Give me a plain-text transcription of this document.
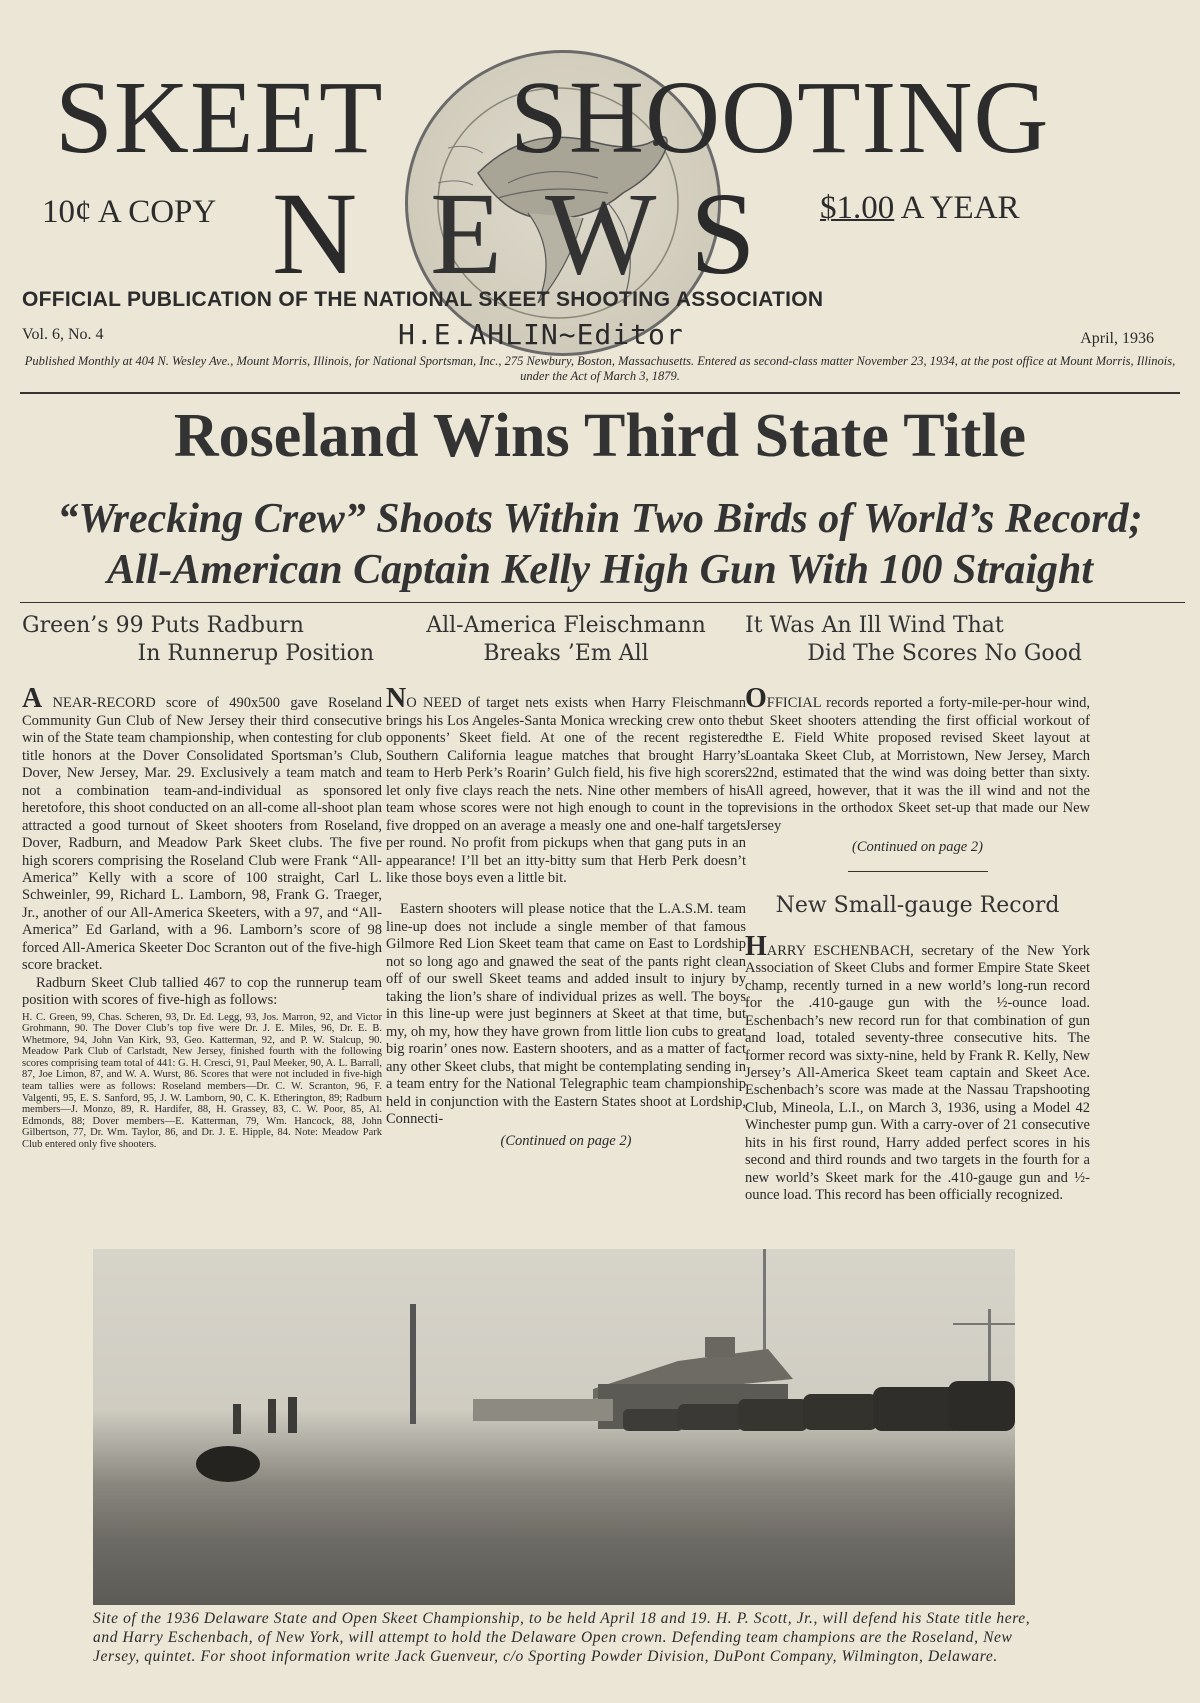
SKEET SHOOTING
10¢ A COPY N E W S $1.00 A YEAR
OFFICIAL PUBLICATION OF THE NATIONAL SKEET SHOOTING ASSOCIATION
Vol. 6, No. 4	H.E.AHLIN~Editor	April, 1936
Published Monthly at 404 N. Wesley Ave., Mount Morris, Illinois, for National Sportsman, Inc., 275 Newbury, Boston, Massachusetts. Entered as second-class matter November 23, 1934, at the post office at Mount Morris, Illinois, under the Act of March 3, 1879.
Roseland Wins Third State Title
“Wrecking Crew” Shoots Within Two Birds of World’s Record;
All-American Captain Kelly High Gun With 100 Straight
Green’s 99 Puts Radburn
In Runnerup Position

A NEAR-RECORD score of 490x500 gave Roseland Community Gun Club of New Jersey their third consecutive win of the State team championship, when contesting for club title honors at the Dover Consolidated Sportsman’s Club, Dover, New Jersey, Mar. 29. Exclusively a team match and not a combination team-and-individual as sponsored heretofore, this shoot conducted on an all-come all-shoot plan attracted a good turnout of Skeet shooters from Roseland, Dover, Radburn, and Meadow Park Skeet clubs. The five high scorers comprising the Roseland Club were Frank “All-America” Kelly with a score of 100 straight, Carl L. Schweinler, 99, Richard L. Lamborn, 98, Frank G. Traeger, Jr., another of our All-America Skeeters, with a 97, and “All-America” Ed Garland, with a 96. Lamborn’s score of 98 forced All-America Skeeter Doc Scranton out of the five-high score bracket.

Radburn Skeet Club tallied 467 to cop the runnerup team position with scores of five-high as follows:

H. C. Green, 99, Chas. Scheren, 93, Dr. Ed. Legg, 93, Jos. Marron, 92, and Victor Grohmann, 90. The Dover Club’s top five were Dr. J. E. Miles, 96, Dr. E. B. Whetmore, 94, John Van Kirk, 93, Geo. Katterman, 92, and P. W. Stalcup, 90. Meadow Park Club of Carlstadt, New Jersey, finished fourth with the following scores comprising team total of 441: G. H. Cresci, 91, Paul Meeker, 90, A. L. Barrall, 87, Joe Limon, 87, and W. A. Wurst, 86. Scores that were not included in five-high team tallies were as follows: Roseland members—Dr. C. W. Scranton, 96, F. Valgenti, 95, E. S. Sanford, 95, J. W. Lamborn, 90, C. K. Etherington, 89; Radburn members—J. Monzo, 89, R. Hardifer, 88, H. Grassey, 83, C. W. Poor, 85, Al. Edmonds, 88; Dover members—E. Katterman, 79, Wm. Hancock, 88, John Gilbertson, 77, Dr. Wm. Taylor, 86, and Dr. J. E. Hipple, 84. Note: Meadow Park Club entered only five shooters.
All-America Fleischmann
Breaks ’Em All

NO NEED of target nets exists when Harry Fleischmann brings his Los Angeles-Santa Monica wrecking crew onto the opponents’ Skeet field. At one of the recent registered Southern California league matches that brought Harry’s team to Herb Perk’s Roarin’ Gulch field, his five high scorers let only five clays reach the nets. Nine other members of his team whose scores were not high enough to count in the top five dropped on an average a measly one and one-half targets per round. No profit from pickups when that gang puts in an appearance! I’ll bet an itty-bitty sum that Herb Perk doesn’t like those boys even a little bit.

Eastern shooters will please notice that the L.A.S.M. team line-up does not include a single member of that famous Gilmore Red Lion Skeet team that came on East to Lordship not so long ago and gnawed the seat of the pants right clean off of our swell Skeet teams and added insult to injury by taking the lion’s share of individual prizes as well. The boys in this line-up were just beginners at Skeet at that time, but my, oh my, how they have grown from little lion cubs to great big roarin’ ones now. Eastern shooters, and as a matter of fact any other Skeet clubs, that might be contemplating sending in a team entry for the National Telegraphic team championship held in conjunction with the Eastern States shoot at Lordship, Connecti-

(Continued on page 2)
It Was An Ill Wind That
Did The Scores No Good

OFFICIAL records reported a forty-mile-per-hour wind, but Skeet shooters attending the first official workout of the E. Field White proposed revised Skeet layout at Loantaka Skeet Club, at Morristown, New Jersey, March 22nd, estimated that the wind was doing better than sixty. All agreed, however, that it was the ill wind and not the revisions in the orthodox Skeet set-up that made our New Jersey

(Continued on page 2)
New Small-gauge Record

HARRY ESCHENBACH, secretary of the New York Association of Skeet Clubs and former Empire State Skeet champ, recently turned in a new world’s long-run record for the .410-gauge gun with the ½-ounce load. Eschenbach’s new record run for that combination of gun and load, totaled seventy-three consecutive hits. The former record was sixty-nine, held by Frank R. Kelly, New Jersey’s All-America Skeet team captain and Skeet Ace. Eschenbach’s score was made at the Nassau Trapshooting Club, Mineola, L.I., on March 3, 1936, using a Model 42 Winchester pump gun. With a carry-over of 21 consecutive hits in his first round, Harry added perfect scores in his second and third rounds and two targets in the fourth for a new world’s Skeet mark for the .410-gauge gun and ½-ounce load. This record has been officially recognized.

Site of the 1936 Delaware State and Open Skeet Championship, to be held April 18 and 19. H. P. Scott, Jr., will defend his State title here, and Harry Eschenbach, of New York, will attempt to hold the Delaware Open crown. Defending team champions are the Roseland, New Jersey, quintet. For shoot information write Jack Guenveur, c/o Sporting Powder Division, DuPont Company, Wilmington, Delaware.
